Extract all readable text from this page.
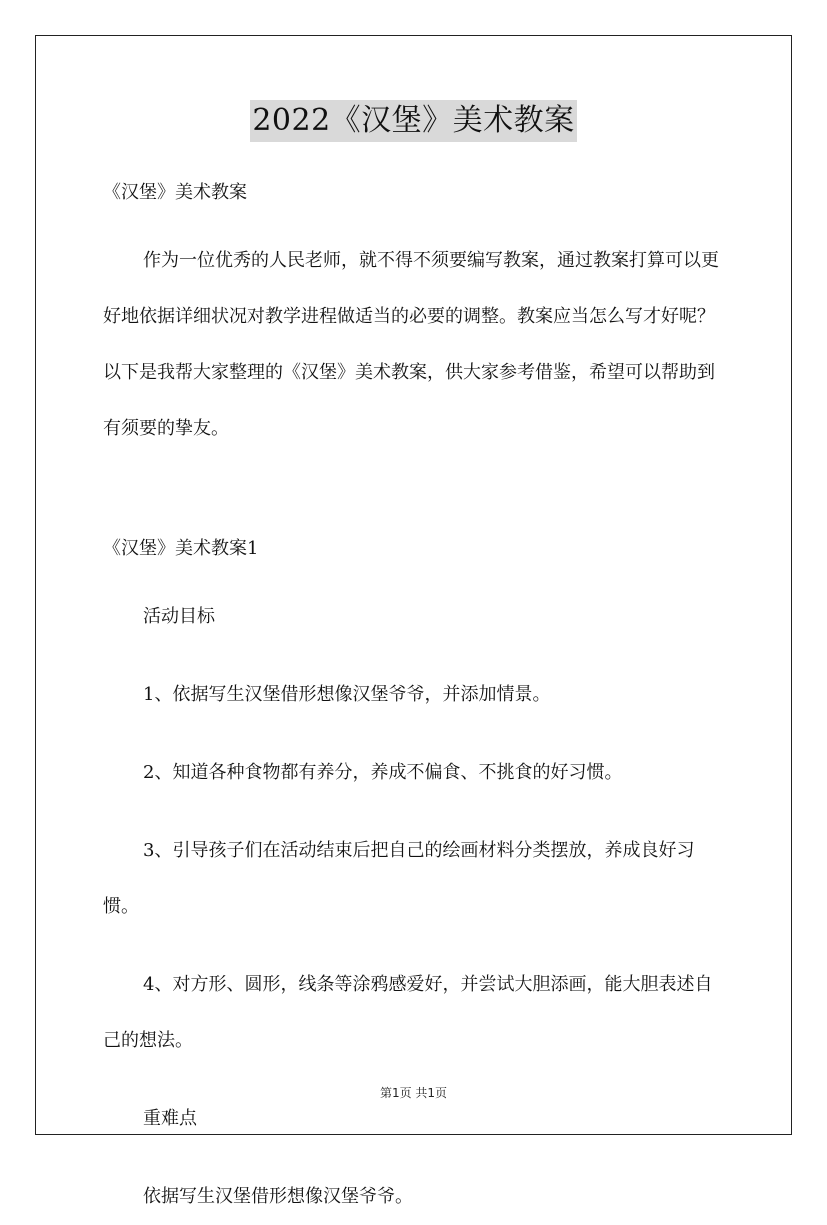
2022《汉堡》美术教案

《汉堡》美术教案

作为一位优秀的人民老师，就不得不须要编写教案，通过教案打算可以更好地依据详细状况对教学进程做适当的必要的调整。教案应当怎么写才好呢？以下是我帮大家整理的《汉堡》美术教案，供大家参考借鉴，希望可以帮助到有须要的挚友。

《汉堡》美术教案1

活动目标

1、依据写生汉堡借形想像汉堡爷爷，并添加情景。

2、知道各种食物都有养分，养成不偏食、不挑食的好习惯。

3、引导孩子们在活动结束后把自己的绘画材料分类摆放，养成良好习惯。

4、对方形、圆形，线条等涂鸦感爱好，并尝试大胆添画，能大胆表述自己的想法。

重难点

依据写生汉堡借形想像汉堡爷爷。

第1页 共1页
